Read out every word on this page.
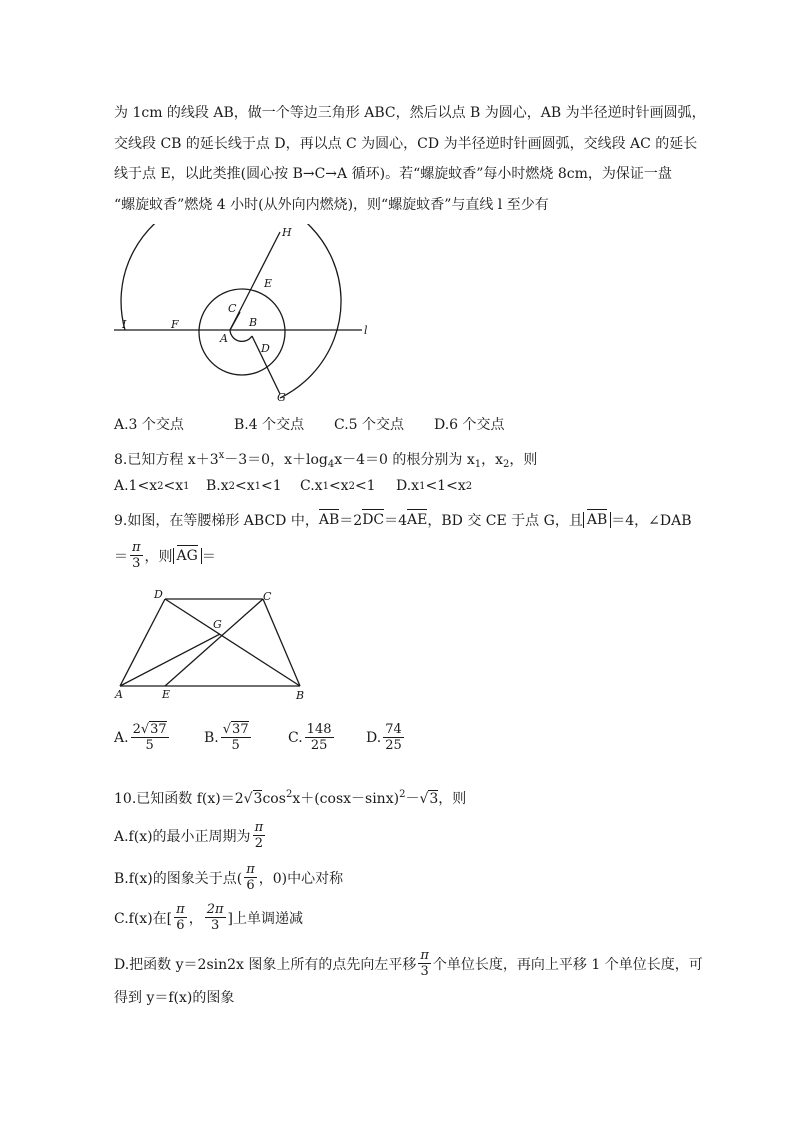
为 1cm 的线段 AB，做一个等边三角形 ABC，然后以点 B 为圆心，AB 为半径逆时针画圆弧，
交线段 CB 的延长线于点 D，再以点 C 为圆心，CD 为半径逆时针画圆弧，交线段 AC 的延长
线于点 E，以此类推(圆心按 B→C→A 循环)。若“螺旋蚊香”每小时燃烧 8cm，为保证一盘
“螺旋蚊香”燃烧 4 小时(从外向内燃烧)，则“螺旋蚊香”与直线 l 至少有
H
E
C
B
A
D
F
I
G
l
A.3 个交点	B.4 个交点	C.5 个交点	D.6 个交点
8.已知方程 $x+3^x-3=0$，$x+\log_4x-4=0$ 的根分别为 $x_1$，$x_2$，则
A.1<x 2 <x 1 B.x 2 <x 1 <1 C.x 1 <x 2 <1 D.x 1 <1<x 2
9.如图，在等腰梯形 ABCD 中， AB ＝2 DC ＝4 AE ，BD 交 CE 于点 G，且 AB ＝4，∠DAB
＝ $\frac{\pi}{3}$ ，则 AG ＝
D	C
G
A	E	B
A. $\frac{2√37}{5}$	B. $\frac{√37}{5}$	C. $\frac{148}{25} D$. $\frac{74}{25}$
10.已知函数 $f(x)=2√3\cos^2x+(\cos x-\sin x)^2-√3$，则
A.f(x)的最小正周期为 $\frac{\pi}{2}$
B.f(x)的图象关于点( $\frac{\pi}{6}$ ，0)中心对称
C.f(x)在[ $\frac{\pi}{6}$ ， $\frac{2\pi}{3}$ ]上单调递减
D.把函数 y＝2sin2x 图象上所有的点先向左平移 $\frac{\pi}{3}$ 个单位长度，再向上平移 1 个单位长度，可
得到 y＝f(x)的图象
